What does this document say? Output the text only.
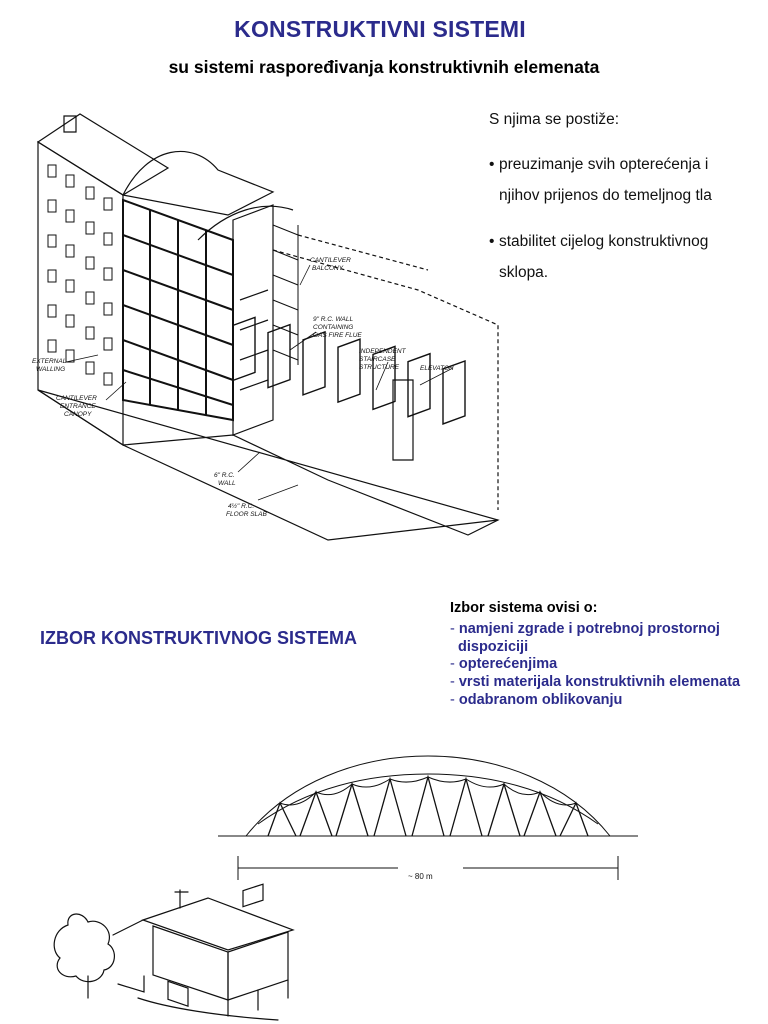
KONSTRUKTIVNI SISTEMI
su sistemi raspoređivanja konstruktivnih elemenata
CANTILEVER BALCONY
9" R.C. WALL CONTAINING GAS FIRE FLUE
INDEPENDENT STAIRCASE STRUCTURE	ELEVATOR
EXTERNAL WALLING
CANTILEVER ENTRANCE CANOPY
6" R.C. WALL
4½" R.C. FLOOR SLAB
S njima se postiže:
• preuzimanje svih opterećenja i
njihov prijenos do temeljnog tla
• stabilitet cijelog konstruktivnog
sklopa.
IZBOR KONSTRUKTIVNOG SISTEMA
Izbor sistema ovisi o:
- namjeni zgrade i potrebnoj prostornoj
dispoziciji
- opterećenjima
- vrsti materijala konstruktivnih elemenata
- odabranom oblikovanju
~ 80 m
